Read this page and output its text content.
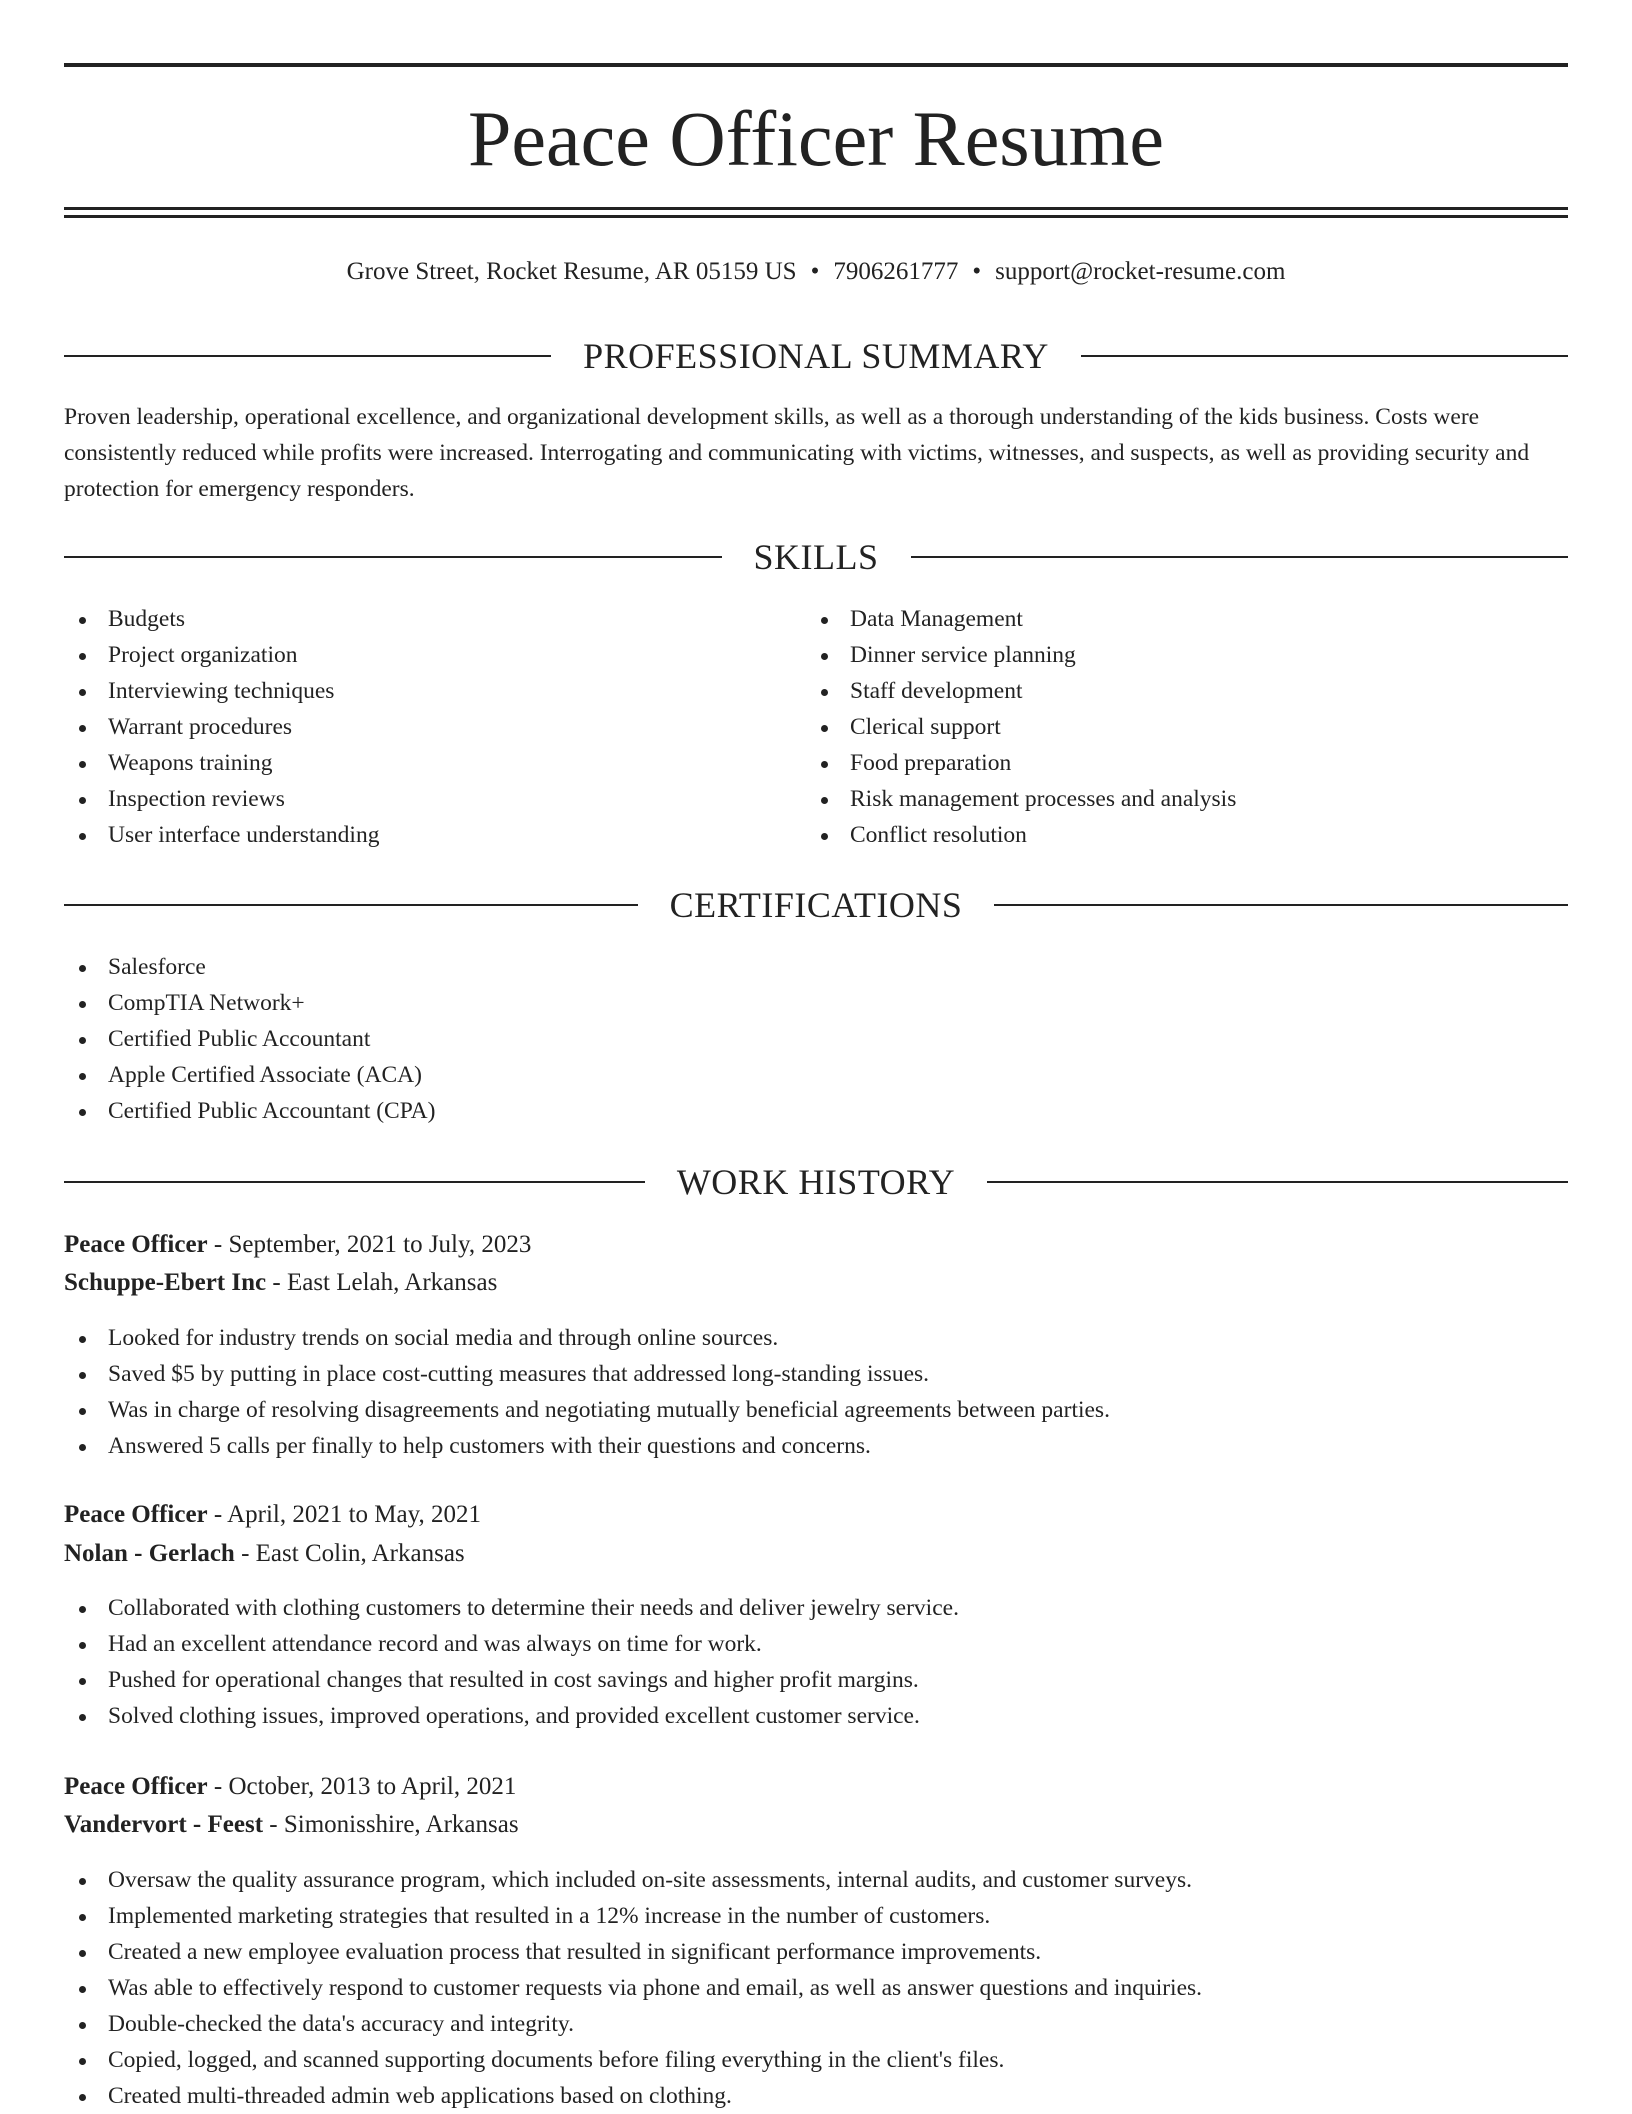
Peace Officer Resume
Grove Street, Rocket Resume, AR 05159 US • 7906261777 • support@rocket-resume.com
PROFESSIONAL SUMMARY

Proven leadership, operational excellence, and organizational development skills, as well as a thorough understanding of the kids business. Costs were consistently reduced while profits were increased. Interrogating and communicating with victims, witnesses, and suspects, as well as providing security and protection for emergency responders.

SKILLS
Budgets
Project organization
Interviewing techniques
Warrant procedures
Weapons training
Inspection reviews
User interface understanding
Data Management
Dinner service planning
Staff development
Clerical support
Food preparation
Risk management processes and analysis
Conflict resolution
CERTIFICATIONS
Salesforce
CompTIA Network+
Certified Public Accountant
Apple Certified Associate (ACA)
Certified Public Accountant (CPA)
WORK HISTORY
Peace Officer - September, 2021 to July, 2023
Schuppe-Ebert Inc - East Lelah, Arkansas
Looked for industry trends on social media and through online sources.
Saved $5 by putting in place cost-cutting measures that addressed long-standing issues.
Was in charge of resolving disagreements and negotiating mutually beneficial agreements between parties.
Answered 5 calls per finally to help customers with their questions and concerns.
Peace Officer - April, 2021 to May, 2021
Nolan - Gerlach - East Colin, Arkansas
Collaborated with clothing customers to determine their needs and deliver jewelry service.
Had an excellent attendance record and was always on time for work.
Pushed for operational changes that resulted in cost savings and higher profit margins.
Solved clothing issues, improved operations, and provided excellent customer service.
Peace Officer - October, 2013 to April, 2021
Vandervort - Feest - Simonisshire, Arkansas
Oversaw the quality assurance program, which included on-site assessments, internal audits, and customer surveys.
Implemented marketing strategies that resulted in a 12% increase in the number of customers.
Created a new employee evaluation process that resulted in significant performance improvements.
Was able to effectively respond to customer requests via phone and email, as well as answer questions and inquiries.
Double-checked the data's accuracy and integrity.
Copied, logged, and scanned supporting documents before filing everything in the client's files.
Created multi-threaded admin web applications based on clothing.
